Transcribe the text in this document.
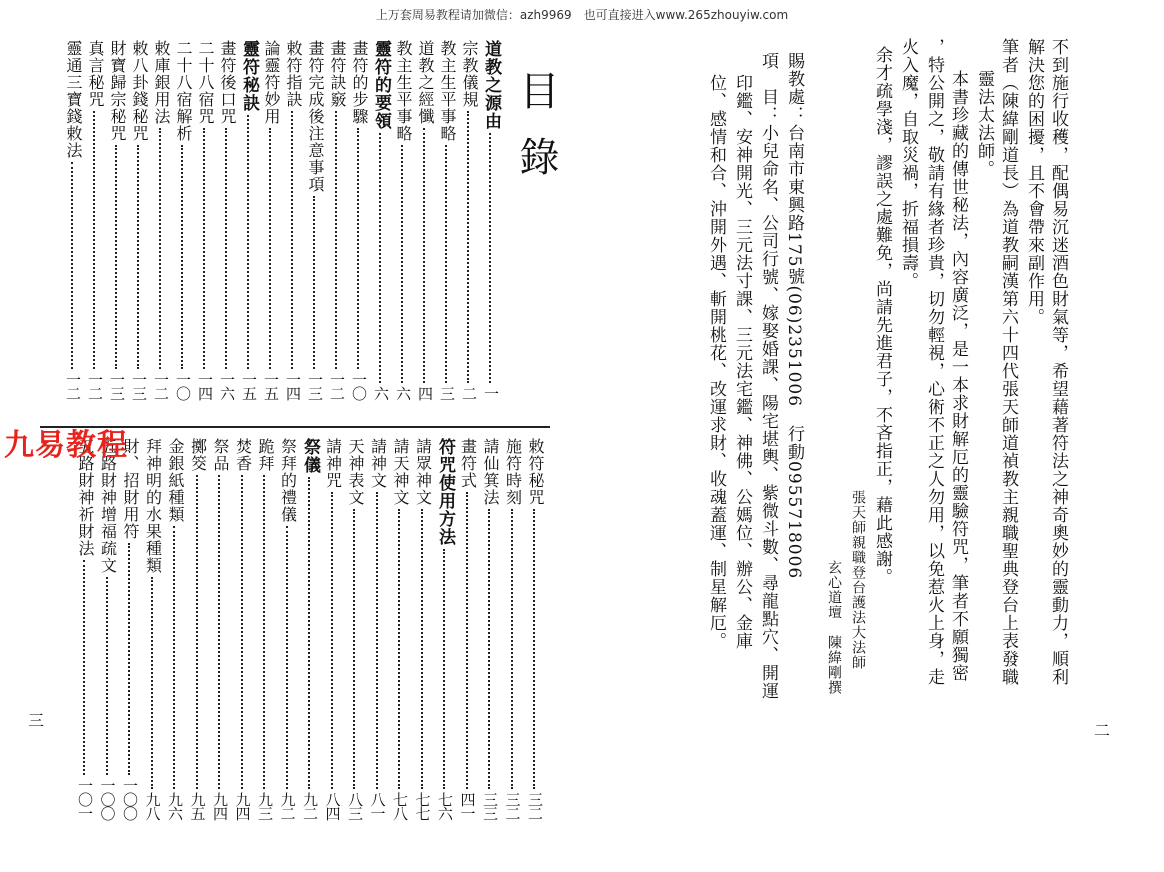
上万套周易教程请加微信：azh9969　也可直接进入www.265zhouyiw.com
目錄
道教之源由
一
宗教儀規
二
教主生平事略
三
道教之經懺
四
教主生平事略
六
靈符的要領
六
畫符的步驟
一〇
畫符訣竅
一二
畫符完成後注意事項
一三
敕符指訣
一四
論靈符妙用
一五
靈符秘訣
一五
畫符後口咒
一六
二十八宿咒
一四
二十八宿解析
一〇
敕庫銀用法
一二
敕八卦錢秘咒
一三
財寶歸宗秘咒
一三
真言秘咒
一二
靈通三寶錢敕法
一二
敕符秘咒
三二
施符時刻
三二
請仙箕法
三三
畫符式
四一
符咒使用方法
七六
請眾神文
七七
請天神文
七八
請神文
八一
天神表文
八三
請神咒
八四
祭儀
九二
祭拜的禮儀
九二
跪拜
九三
焚香
九四
祭品
九四
擲筊
九五
金銀紙種類
九六
拜神明的水果種類
九八
財、招財用符
一〇〇
五路財神增福疏文
一〇〇
五路財神祈財法
一〇一
三
九易教程	不到施行收穫，配偶易沉迷酒色財氣等，希望藉著符法之神奇奧妙的靈動力，順利
解決您的困擾，且不會帶來副作用。
筆者（陳緯剛道長）為道教嗣漢第六十四代張天師道禎教主親職聖典登台上表發職
靈法太法師。
本書珍藏的傳世秘法，內容廣泛，是一本求財解厄的靈驗符咒，筆者不願獨密
，特公開之，敬請有緣者珍貴，切勿輕視，心術不正之人勿用，以免惹火上身，走
火入魔，自取災禍，折福損壽。
余才疏學淺，謬誤之處難免，尚請先進君子，不吝指正，藉此感謝。
張天師親職登台護法大法師
玄心道壇　陳緯剛撰
賜教處：台南市東興路175號(06)2351006　行動0955718006
項　目：小兒命名、公司行號、嫁娶婚課、陽宅堪輿、紫微斗數、尋龍點穴、開運
印鑑、安神開光、三元法寸課、三元法宅鑑、神佛、公媽位、辦公、金庫
位、感情和合、沖開外遇、斬開桃花、改運求財、收魂蓋運、制星解厄。
二
